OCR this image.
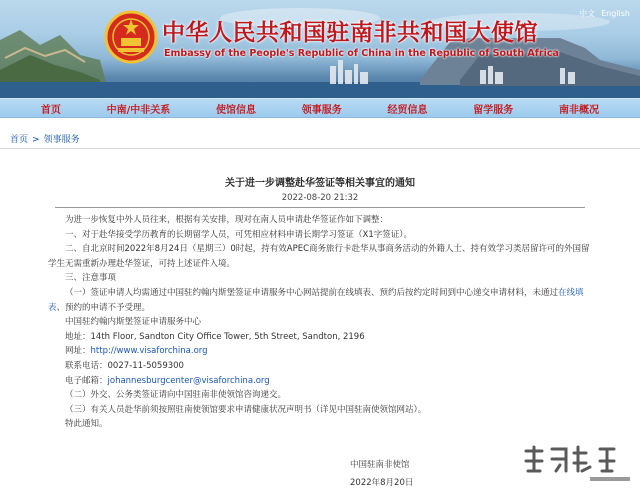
中华人民共和国驻南非共和国大使馆
Embassy of the People's Republic of China in the Republic of South Africa
中文 English
首页	中南/中非关系	使馆信息	领事服务	经贸信息	留学服务	南非概况
首页 > 领事服务
关于进一步调整赴华签证等相关事宜的通知
2022-08-20 21:32

为进一步恢复中外人员往来，根据有关安排，现对在南人员申请赴华签证作如下调整：

一、对于赴华接受学历教育的长期留学人员，可凭相应材料申请长期学习签证（X1字签证）。

二、自北京时间2022年8月24日（星期三）0时起，持有效APEC商务旅行卡赴华从事商务活动的外籍人士、持有效学习类居留许可的外国留

学生无需重新办理赴华签证，可持上述证件入境。

三、注意事项

（一）签证申请人均需通过中国驻约翰内斯堡签证申请服务中心网站提前在线填表、预约后按约定时间到中心递交申请材料，未通过在线填

表、预约的申请不予受理。

中国驻约翰内斯堡签证申请服务中心

地址：14th Floor, Sandton City Office Tower, 5th Street, Sandton, 2196

网址：http://www.visaforchina.org

联系电话：0027-11-5059300

电子邮箱：johannesburgcenter@visaforchina.org

（二）外交、公务类签证请向中国驻南非使领馆咨询递交。

（三）有关人员赴华前须按照驻南使领馆要求申请健康状况声明书（详见中国驻南使领馆网站）。

特此通知。

中国驻南非使馆
2022年8月20日
